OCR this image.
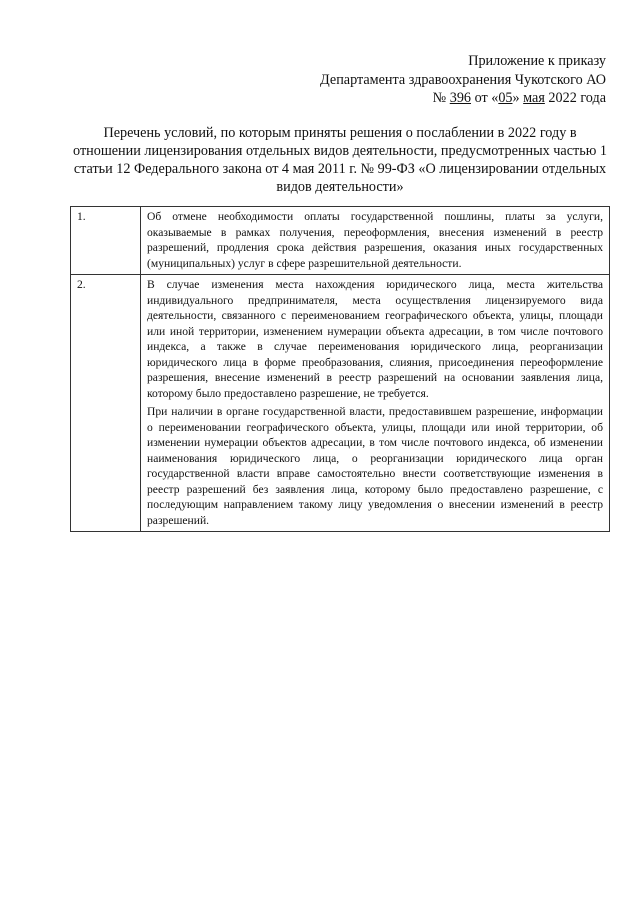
Приложение к приказу
Департамента здравоохранения Чукотского АО
№ 396 от «05» мая 2022 года
Перечень условий, по которым приняты решения о послаблении в 2022 году в отношении лицензирования отдельных видов деятельности, предусмотренных частью 1 статьи 12 Федерального закона от 4 мая 2011 г. № 99-ФЗ «О лицензировании отдельных видов деятельности»
1.	Об отмене необходимости оплаты государственной пошлины, платы за услуги, оказываемые в рамках получения, переоформления, внесения изменений в реестр разрешений, продления срока действия разрешения, оказания иных государственных (муниципальных) услуг в сфере разрешительной деятельности.

2.	В случае изменения места нахождения юридического лица, места жительства индивидуального предпринимателя, места осуществления лицензируемого вида деятельности, связанного с переименованием географического объекта, улицы, площади или иной территории, изменением нумерации объекта адресации, в том числе почтового индекса, а также в случае переименования юридического лица, реорганизации юридического лица в форме преобразования, слияния, присоединения переоформление разрешения, внесение изменений в реестр разрешений на основании заявления лица, которому было предоставлено разрешение, не требуется.

При наличии в органе государственной власти, предоставившем разрешение, информации о переименовании географического объекта, улицы, площади или иной территории, об изменении нумерации объектов адресации, в том числе почтового индекса, об изменении наименования юридического лица, о реорганизации юридического лица орган государственной власти вправе самостоятельно внести соответствующие изменения в реестр разрешений без заявления лица, которому было предоставлено разрешение, с последующим направлением такому лицу уведомления о внесении изменений в реестр разрешений.
